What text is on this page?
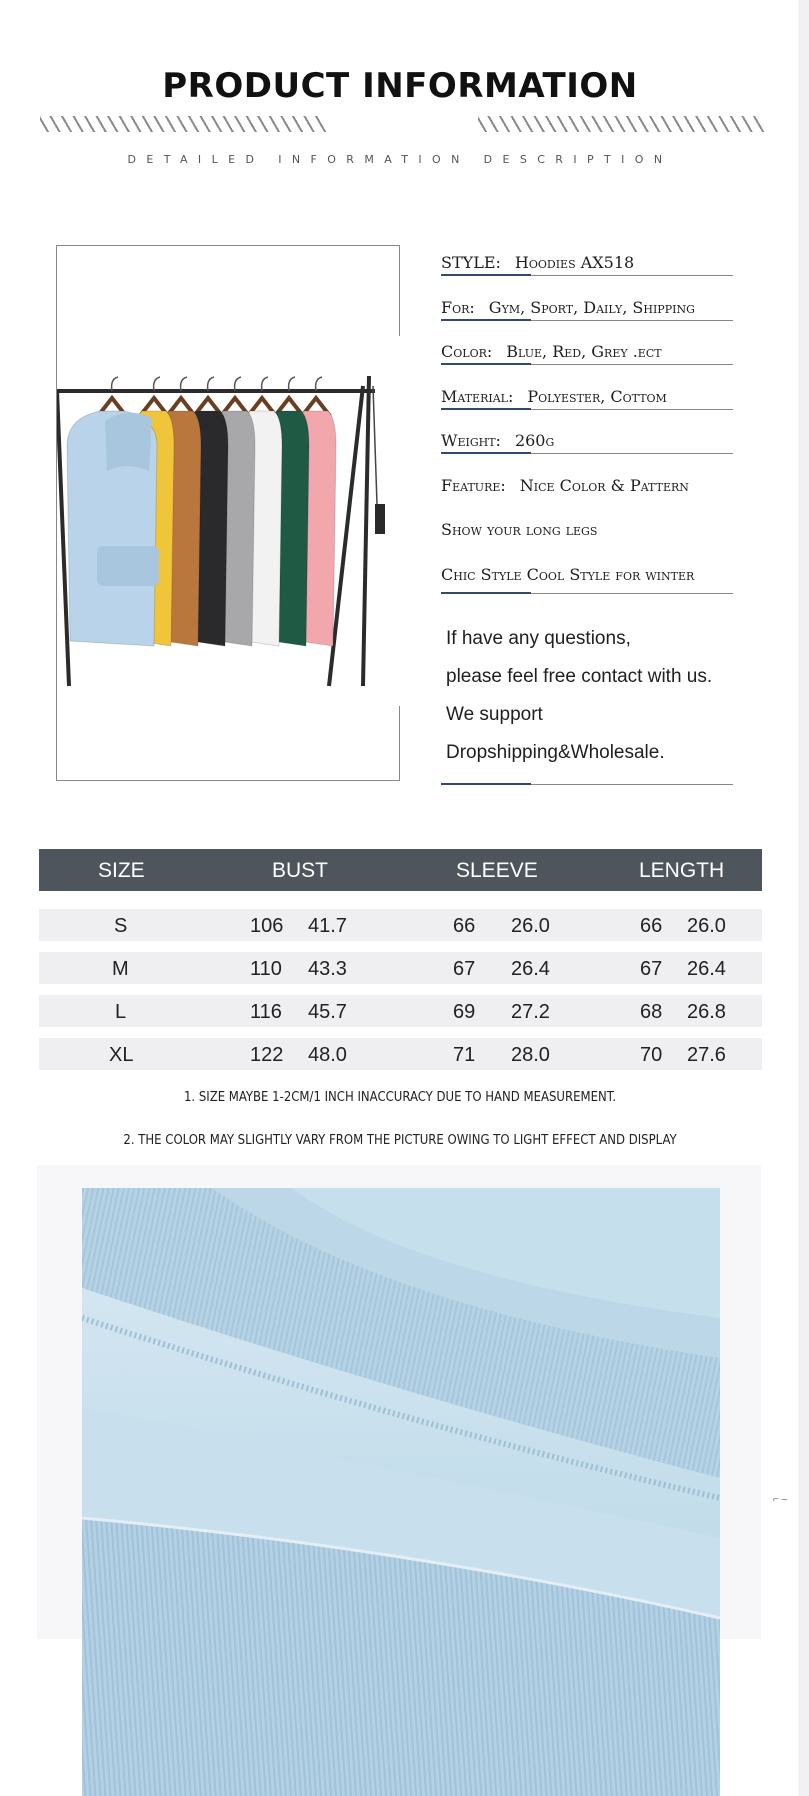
PRODUCT INFORMATION
DETAILED INFORMATION DESCRIPTION
STYLE: Hoodies AX518
For: Gym, Sport, Daily, Shipping
Color: Blue, Red, Grey .ect
Material: Polyester, Cottom
Weight: 260g
Feature: Nice Color & Pattern
Show your long legs
Chic Style Cool Style for winter

If have any questions,

please feel free contact with us.

We support

Dropshipping&Wholesale.

SIZE	BUST	SLEEVE	LENGTH
S	106 41.7	66 26.0	66 26.0
M	110 43.3	67 26.4	67 26.4
L	116 45.7	69 27.2	68 26.8
XL	122 48.0	71 28.0	70 27.6
1. SIZE MAYBE 1-2CM/1 INCH INACCURACY DUE TO HAND MEASUREMENT.
2. THE COLOR MAY SLIGHTLY VARY FROM THE PICTURE OWING TO LIGHT EFFECT AND DISPLAY
⌐ ‒
